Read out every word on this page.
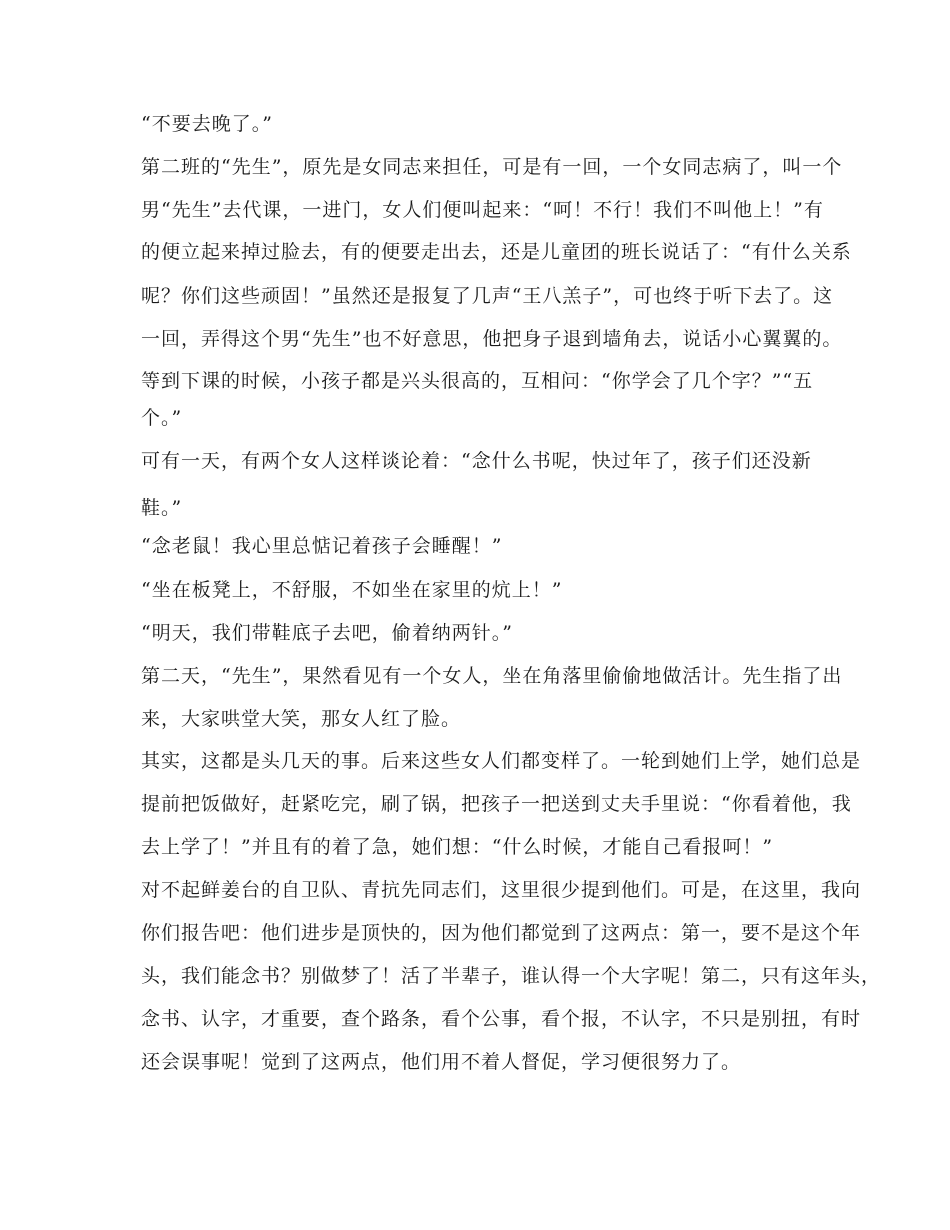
“不要去晚了。”
第二班的“先生”，原先是女同志来担任，可是有一回，一个女同志病了，叫一个
男“先生”去代课，一进门，女人们便叫起来：“呵！不行！我们不叫他上！”有
的便立起来掉过脸去，有的便要走出去，还是儿童团的班长说话了：“有什么关系
呢？你们这些顽固！”虽然还是报复了几声“王八羔子”，可也终于听下去了。这
一回，弄得这个男“先生”也不好意思，他把身子退到墙角去，说话小心翼翼的。
等到下课的时候，小孩子都是兴头很高的，互相问：“你学会了几个字？”“五
个。”
可有一天，有两个女人这样谈论着：“念什么书呢，快过年了，孩子们还没新
鞋。”
“念老鼠！我心里总惦记着孩子会睡醒！”
“坐在板凳上，不舒服，不如坐在家里的炕上！”
“明天，我们带鞋底子去吧，偷着纳两针。”
第二天，“先生”，果然看见有一个女人，坐在角落里偷偷地做活计。先生指了出
来，大家哄堂大笑，那女人红了脸。
其实，这都是头几天的事。后来这些女人们都变样了。一轮到她们上学，她们总是
提前把饭做好，赶紧吃完，刷了锅，把孩子一把送到丈夫手里说：“你看着他，我
去上学了！”并且有的着了急，她们想：“什么时候，才能自己看报呵！”
对不起鲜姜台的自卫队、青抗先同志们，这里很少提到他们。可是，在这里，我向
你们报告吧：他们进步是顶快的，因为他们都觉到了这两点：第一，要不是这个年
头，我们能念书？别做梦了！活了半辈子，谁认得一个大字呢！第二，只有这年头，
念书、认字，才重要，查个路条，看个公事，看个报，不认字，不只是别扭，有时
还会误事呢！觉到了这两点，他们用不着人督促，学习便很努力了。
